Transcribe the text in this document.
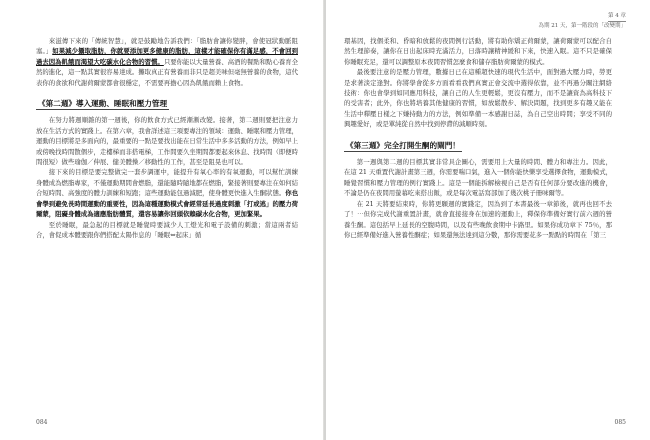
來滋傳下來的「傳統智慧」，就是鼓勵地告訴我們：「脂肪會讓你變胖，會使冠狀動脈阻塞。」如果減少攝取脂肪，你就要添加更多健康的脂肪，這樣才能確保你有滿足感，不會回到過去因為飢餓而渴望大吃碳水化合物的習慣。只要你能以大量營養、高酒的餐點和點心養育全然的進化，這一點其實很容易達成。攤取真正有營養而非只是超美味但毫無營養的食物，這代表你的食欲和代謝荷爾蒙都會很穩定，不需要再擔心因為飢餓而賴上食物。

《第二週》導入運動、睡眠和壓力管理

在努力將週順雜的第一週後，你的飲食方式已經漸漸改變。接著，第二週則要把注意力放在生活方式的實踐上。在第六章，我會詳述這三項要專注的領域：運動、睡眠和壓力管理，運動的目標將是多面向的，最重要的一點是要找出能在日常生活中多多活動的方法，例如早上或傍晚找時間散個步，走樓梯而非搭電梯，工作間要久坐期間都要起來休息、找時間（即便時間很短）做些瑜伽／伸展、健美體操／移動性的工作，甚至是阻晃也可以。

接下來的目標是要完整做完一套步調運中，能提升有氧心率的有氧運動，可以幫忙訓練身體成為燃脂專家，不僅運動期間會燃脂，還能隨時隨地都在燃脂，緊接著則要專注在如何結合短時間、高強度的體力訓練和短跑；這些運動能包過減肥，使身體更快進入生酮狀態。你也會學到避免長時間運動的重要性，因為這種運動模式會經常延長過度刺激「打或逃」的壓力荷爾蒙，阻礙身體成為適應脂肪體質，還容易讓你回頭依賴碳水化合物，更加緊果。

至於睡眠，最急起的目標就是睡覺時要減少人工燈光和電子設備的刺激；當這兩者結合，會促成本體要跟你們搭配太陽作息的「睡眠⇔起床」循

084
第 4 章
為期 21 天，第一階段的「改變期」

環基因，找個柔和、昏暗和放鬆的夜間例行活動，將有助你矯正荷爾蒙，讓荷爾蒙可以配合自然生理節奏，讓你在日出起床時充滿活力，日落時讓精神緩和下來，快速入眠。這不只是確保你睡眠充足，還可以調整原本夜間習慣怎麼食和儲存脂肪荷爾蒙的模式。

最後要注意的是壓力管理，數據日已在這種超快速的現代生活中，面對過大壓力時，勞更是求著淡定逢對。你將學會從多方面看看我們真實正會交流中選得依靠，並不再過分關注網絡技術：你也會學到如同應用科技，讓自己的人生更輕鬆，更沒有壓力，而不是讓資為高科技下的受害者；此外，你也將培養其他健康的習慣，如放鬆散步、解決問題，找到更多有趣又能在生活中釋壓日樣之下嫌持動力的方法，例如準備一本感謝日誌，為自己空出時間；享受不同的興趣愛好，或是單純從自然中找到停滯的減順時刻。

《第三週》完全打開生酮的閘門！

第一週與第二週的目標其實非常具企圖心，需要用上大量的時間、體力和專注力。因此，在這 21 天重置代謝計畫第三週，你需要喘口氣，進入一個你能快樂享受選擇食物，運動模式，睡覺習慣和壓力管理的例行實踐上。這是一個能拆解檢視自己是否有任何部分要改進的機會，不論是仍在夜間用螢幕吃來搭出飯，或是每次電話寫部加了幾次桃子冊味爾等。

在 21 天將要結束時，你將更願週的實踐定，因為到了本書最後一章節後，就再也回不去了！⋯但你完成代謝重置計畫，就會直接接身在加速的運動上，釋保你準備好實行前六週的營養生酮。這包括早上延長的空腹時間，以及有些晚飲食期中卡路里。如果你成功章下 75％，那你已經準備好進入營養性酮症；如果還無法達到這分數，那你需要花多一點點的時間在「第三

085
